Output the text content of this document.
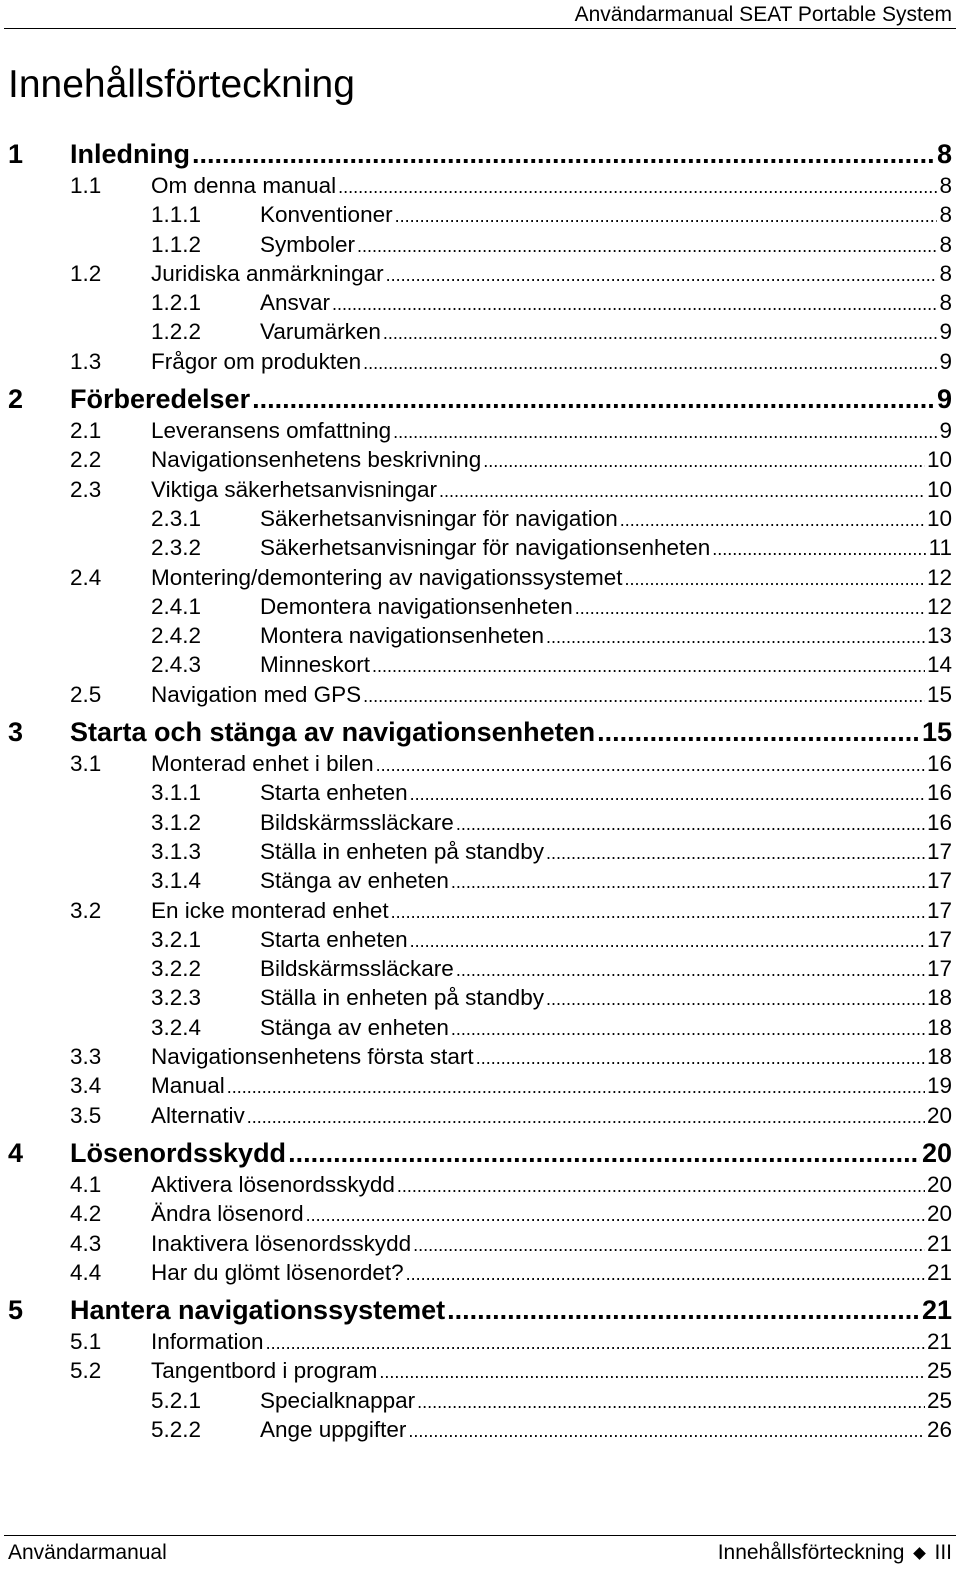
Användarmanual SEAT Portable System
Innehållsförteckning
1	Inledning .....	8
1.1	Om denna manual .....	8
1.1.1	Konventioner .....	8
1.1.2	Symboler .....	8
1.2	Juridiska anmärkningar .....	8
1.2.1	Ansvar .....	8
1.2.2	Varumärken .....	9
1.3	Frågor om produkten .....	9
2	Förberedelser .....	9
2.1	Leveransens omfattning .....	9
2.2	Navigationsenhetens beskrivning .....	10
2.3	Viktiga säkerhetsanvisningar .....	10
2.3.1	Säkerhetsanvisningar för navigation .....	10
2.3.2	Säkerhetsanvisningar för navigationsenheten .....	11
2.4	Montering/demontering av navigationssystemet .....	12
2.4.1	Demontera navigationsenheten .....	12
2.4.2	Montera navigationsenheten .....	13
2.4.3	Minneskort .....	14
2.5	Navigation med GPS .....	15
3	Starta och stänga av navigationsenheten .....	15
3.1	Monterad enhet i bilen .....	16
3.1.1	Starta enheten .....	16
3.1.2	Bildskärmssläckare .....	16
3.1.3	Ställa in enheten på standby .....	17
3.1.4	Stänga av enheten .....	17
3.2	En icke monterad enhet .....	17
3.2.1	Starta enheten .....	17
3.2.2	Bildskärmssläckare .....	17
3.2.3	Ställa in enheten på standby .....	18
3.2.4	Stänga av enheten .....	18
3.3	Navigationsenhetens första start .....	18
3.4	Manual .....	19
3.5	Alternativ .....	20
4	Lösenordsskydd .....	20
4.1	Aktivera lösenordsskydd .....	20
4.2	Ändra lösenord .....	20
4.3	Inaktivera lösenordsskydd .....	21
4.4	Har du glömt lösenordet? .....	21
5	Hantera navigationssystemet .....	21
5.1	Information .....	21
5.2	Tangentbord i program .....	25
5.2.1	Specialknappar .....	25
5.2.2	Ange uppgifter .....	26
Användarmanual	Innehållsförteckning III
